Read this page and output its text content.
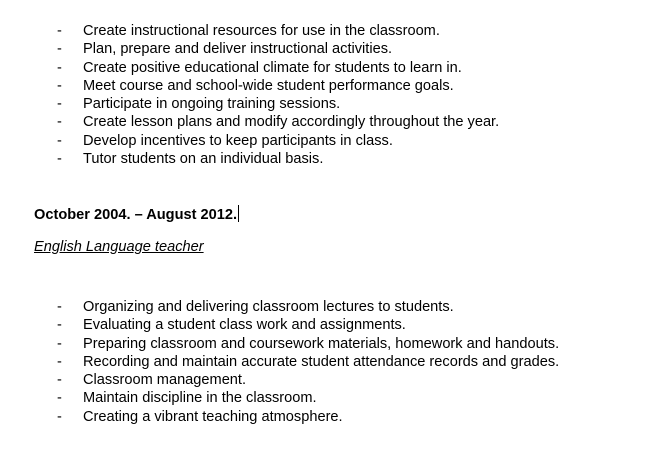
- Create instructional resources for use in the classroom.
- Plan, prepare and deliver instructional activities.
- Create positive educational climate for students to learn in.
- Meet course and school-wide student performance goals.
- Participate in ongoing training sessions.
- Create lesson plans and modify accordingly throughout the year.
- Develop incentives to keep participants in class.
- Tutor students on an individual basis.
October 2004. – August 2012.
English Language teacher
- Organizing and delivering classroom lectures to students.
- Evaluating a student class work and assignments.
- Preparing classroom and coursework materials, homework and handouts.
- Recording and maintain accurate student attendance records and grades.
- Classroom management.
- Maintain discipline in the classroom.
- Creating a vibrant teaching atmosphere.
